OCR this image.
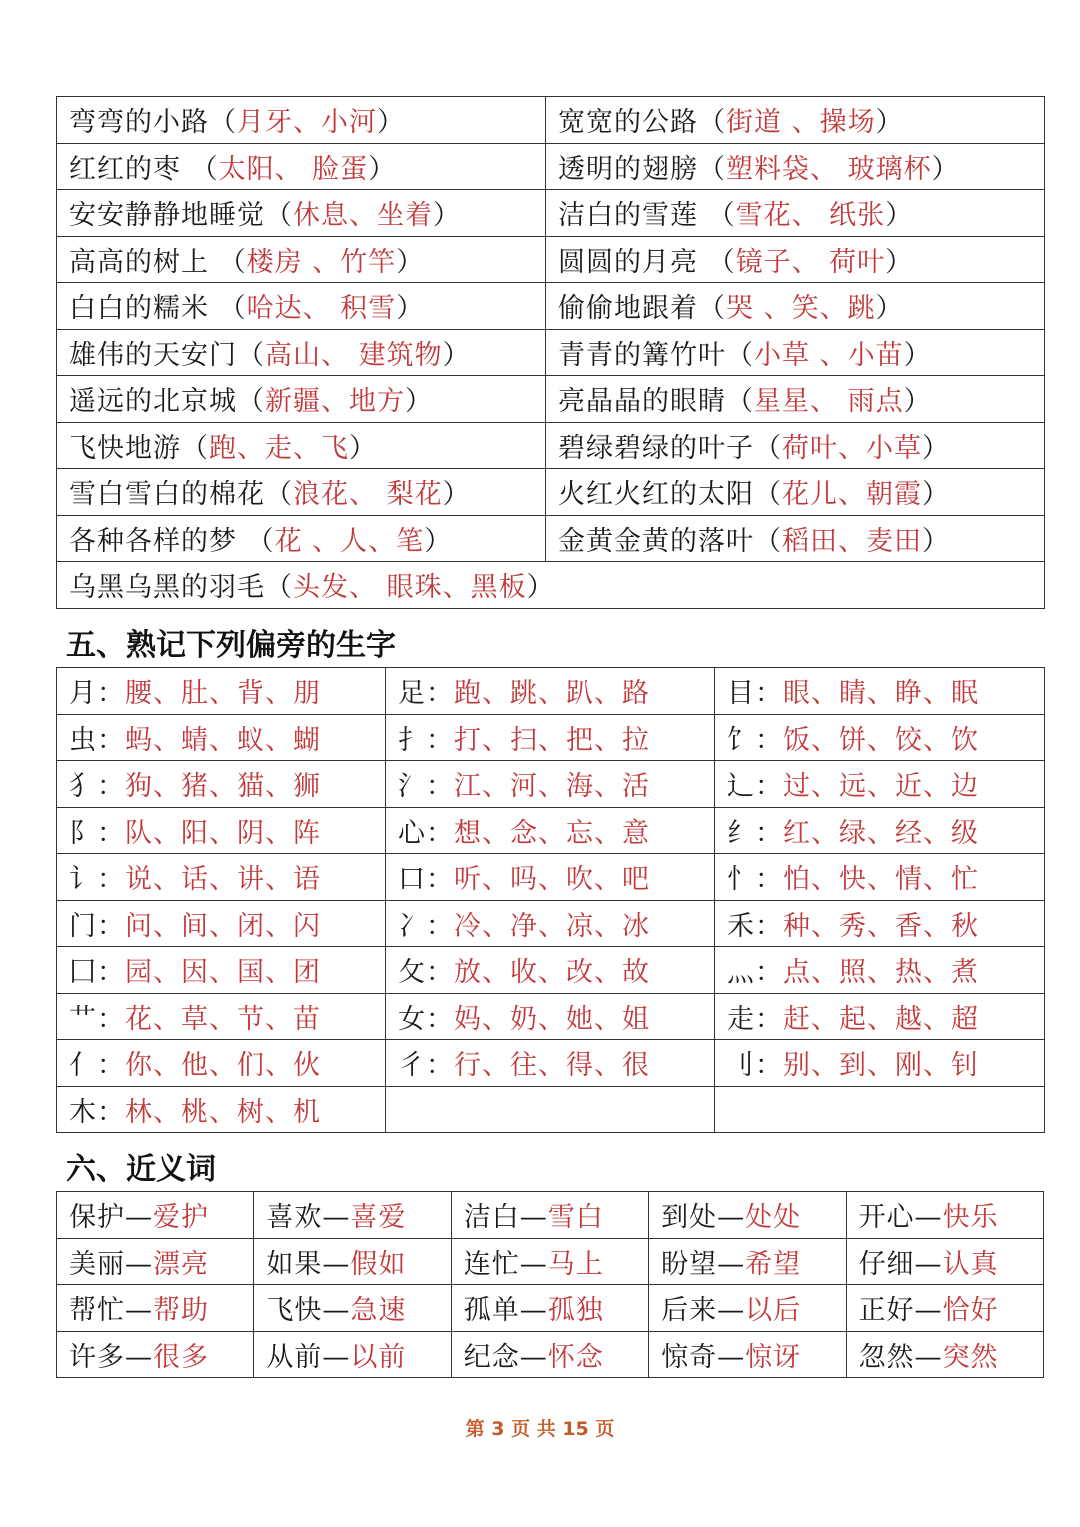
弯弯的小路（月牙、小河）	宽宽的公路（街道 、操场）
红红的枣 （太阳、 脸蛋）	透明的翅膀（塑料袋、 玻璃杯）
安安静静地睡觉（休息、坐着）	洁白的雪莲 （雪花、 纸张）
高高的树上 （楼房 、竹竿）	圆圆的月亮 （镜子、 荷叶）
白白的糯米 （哈达、 积雪）	偷偷地跟着（哭 、笑、跳）
雄伟的天安门（高山、 建筑物）	青青的篝竹叶（小草 、小苗）
遥远的北京城（新疆、地方）	亮晶晶的眼睛（星星、 雨点）
飞快地游（跑、走、飞）	碧绿碧绿的叶子（荷叶、小草）
雪白雪白的棉花（浪花、 梨花）	火红火红的太阳（花儿、朝霞）
各种各样的梦 （花 、人、笔）	金黄金黄的落叶（稻田、麦田）
乌黑乌黑的羽毛（头发、 眼珠、黑板）	
五、熟记下列偏旁的生字
月：腰、肚、背、朋	足：跑、跳、趴、路	目：眼、睛、睁、眠
虫：蚂、蜻、蚁、蝴	扌：打、扫、把、拉	饣：饭、饼、饺、饮
犭：狗、猪、猫、狮	氵：江、河、海、活	辶：过、远、近、边
阝：队、阳、阴、阵	心：想、念、忘、意	纟：红、绿、经、级
讠：说、话、讲、语	口：听、吗、吹、吧	忄：怕、快、情、忙
门：问、间、闭、闪	冫：冷、净、凉、冰	禾：种、秀、香、秋
囗：园、因、国、团	攵：放、收、改、故	灬：点、照、热、煮
艹：花、草、节、苗	女：妈、奶、她、姐	走：赶、起、越、超
亻：你、他、们、伙	彳：行、往、得、很	刂：别、到、刚、钊
木：林、桃、树、机		
六、近义词
保护—爱护	喜欢—喜爱	洁白—雪白	到处—处处	开心—快乐
美丽—漂亮	如果—假如	连忙—马上	盼望—希望	仔细—认真
帮忙—帮助	飞快—急速	孤单—孤独	后来—以后	正好—恰好
许多—很多	从前—以前	纪念—怀念	惊奇—惊讶	忽然—突然
第 3 页 共 15 页
